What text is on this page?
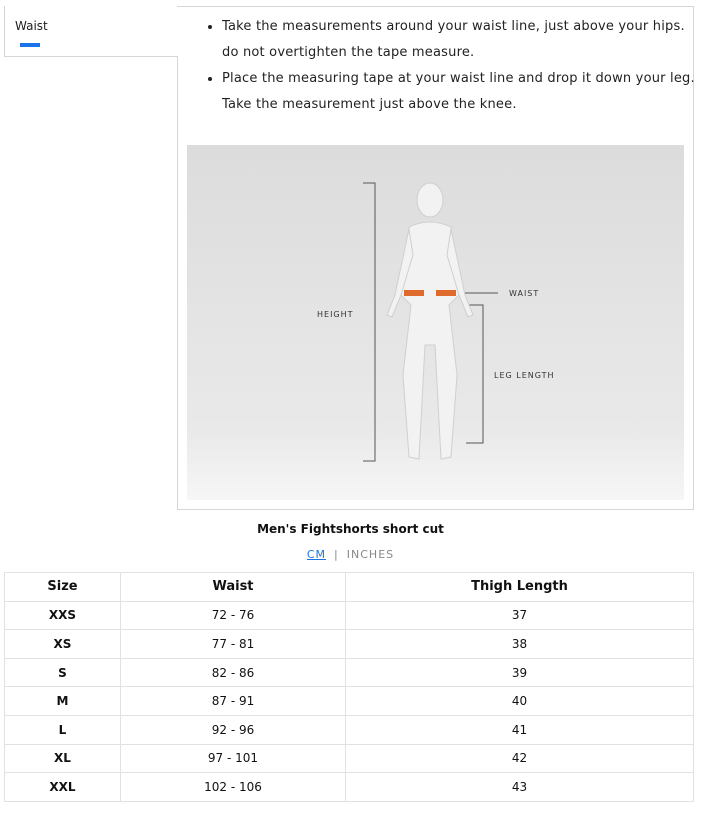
Waist	• Take the measurements around your waist line, just above your hips. do not overtighten the tape measure.
• Place the measuring tape at your waist line and drop it down your leg. Take the measurement just above the knee.
HEIGHT
WAIST
LEG LENGTH
Men's Fightshorts short cut
CM | INCHES
Size	Waist	Thigh Length
XXS	72 - 76	37
XS	77 - 81	38
S	82 - 86	39
M	87 - 91	40
L	92 - 96	41
XL	97 - 101	42
XXL	102 - 106	43
